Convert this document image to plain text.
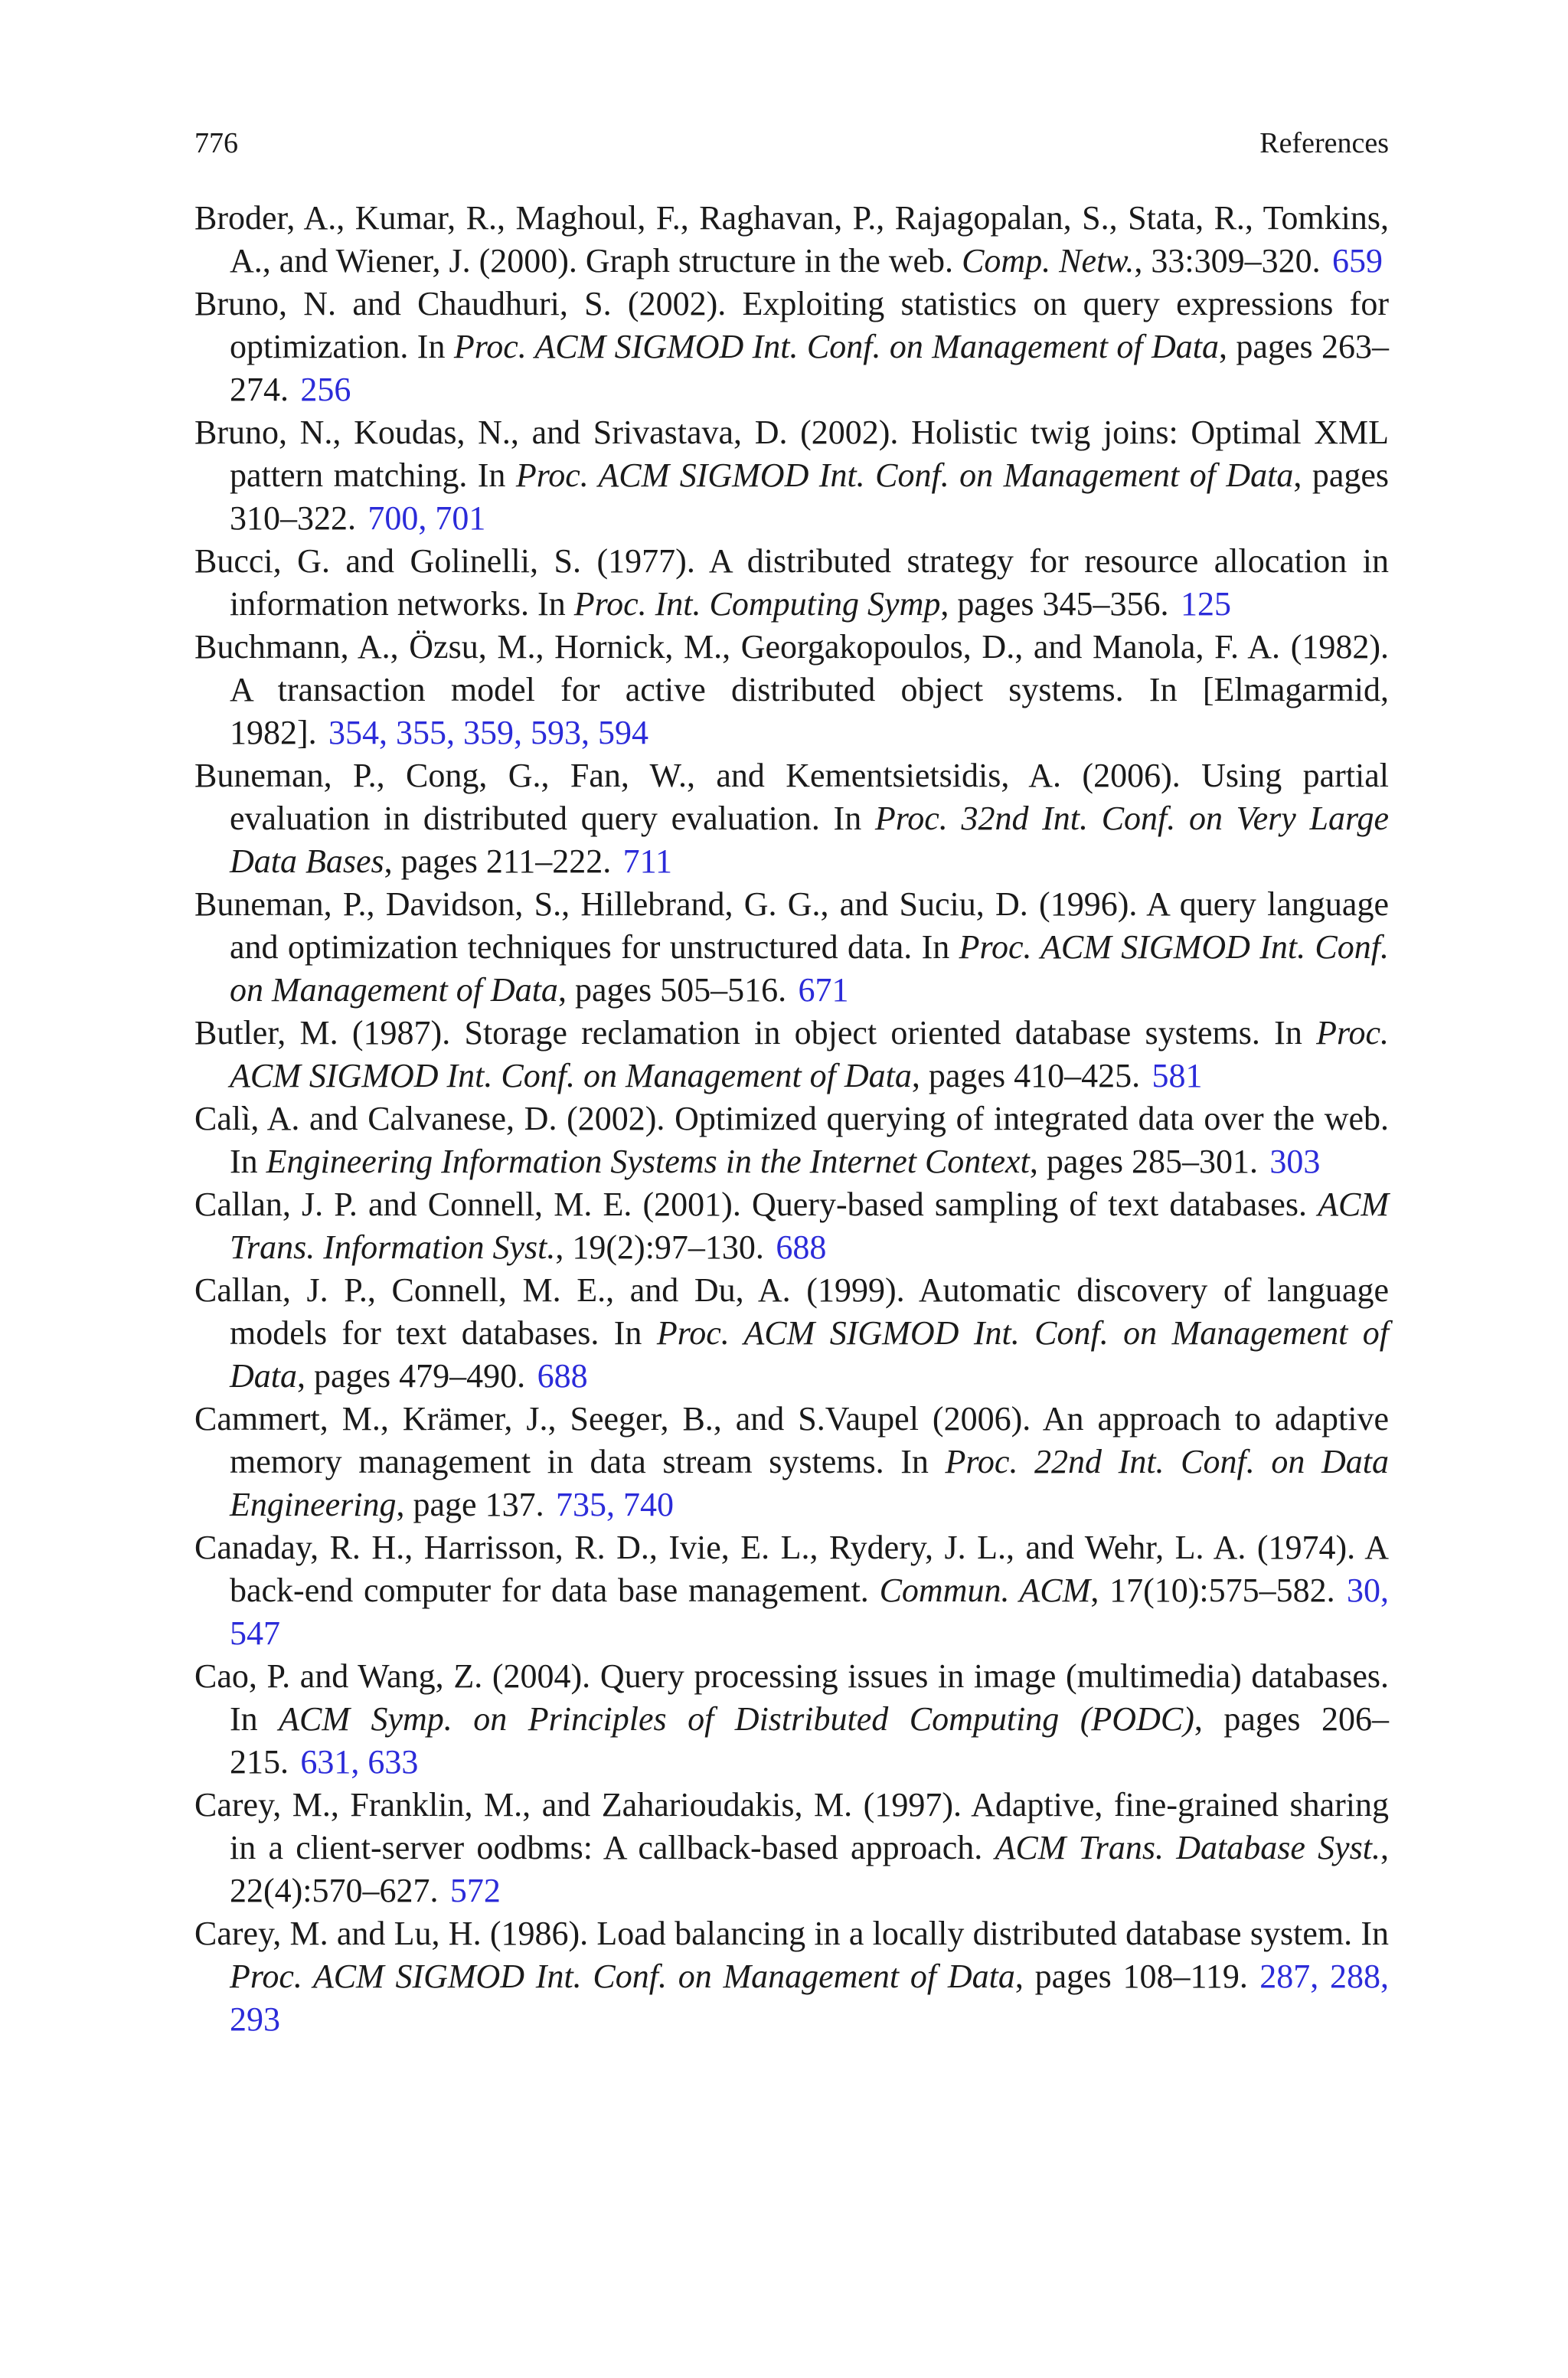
776	References

Broder, A., Kumar, R., Maghoul, F., Raghavan, P., Rajagopalan, S., Stata, R., Tomkins, A., and Wiener, J. (2000). Graph structure in the web. Comp. Netw., 33:309–320. 659

Bruno, N. and Chaudhuri, S. (2002). Exploiting statistics on query expressions for optimization. In Proc. ACM SIGMOD Int. Conf. on Management of Data, pages 263–274. 256

Bruno, N., Koudas, N., and Srivastava, D. (2002). Holistic twig joins: Optimal XML pattern matching. In Proc. ACM SIGMOD Int. Conf. on Management of Data, pages 310–322. 700, 701

Bucci, G. and Golinelli, S. (1977). A distributed strategy for resource allocation in information networks. In Proc. Int. Computing Symp, pages 345–356. 125

Buchmann, A., Özsu, M., Hornick, M., Georgakopoulos, D., and Manola, F. A. (1982). A transaction model for active distributed object systems. In [Elmagarmid, 1982]. 354, 355, 359, 593, 594

Buneman, P., Cong, G., Fan, W., and Kementsietsidis, A. (2006). Using partial evaluation in distributed query evaluation. In Proc. 32nd Int. Conf. on Very Large Data Bases, pages 211–222. 711

Buneman, P., Davidson, S., Hillebrand, G. G., and Suciu, D. (1996). A query language and optimization techniques for unstructured data. In Proc. ACM SIGMOD Int. Conf. on Management of Data, pages 505–516. 671

Butler, M. (1987). Storage reclamation in object oriented database systems. In Proc. ACM SIGMOD Int. Conf. on Management of Data, pages 410–425. 581

Calì, A. and Calvanese, D. (2002). Optimized querying of integrated data over the web. In Engineering Information Systems in the Internet Context, pages 285–301. 303

Callan, J. P. and Connell, M. E. (2001). Query-based sampling of text databases. ACM Trans. Information Syst., 19(2):97–130. 688

Callan, J. P., Connell, M. E., and Du, A. (1999). Automatic discovery of language models for text databases. In Proc. ACM SIGMOD Int. Conf. on Management of Data, pages 479–490. 688

Cammert, M., Krämer, J., Seeger, B., and S.Vaupel (2006). An approach to adaptive memory management in data stream systems. In Proc. 22nd Int. Conf. on Data Engineering, page 137. 735, 740

Canaday, R. H., Harrisson, R. D., Ivie, E. L., Rydery, J. L., and Wehr, L. A. (1974). A back-end computer for data base management. Commun. ACM, 17(10):575–582. 30, 547

Cao, P. and Wang, Z. (2004). Query processing issues in image (multimedia) databases. In ACM Symp. on Principles of Distributed Computing (PODC), pages 206–215. 631, 633

Carey, M., Franklin, M., and Zaharioudakis, M. (1997). Adaptive, fine-grained sharing in a client-server oodbms: A callback-based approach. ACM Trans. Database Syst., 22(4):570–627. 572

Carey, M. and Lu, H. (1986). Load balancing in a locally distributed database system. In Proc. ACM SIGMOD Int. Conf. on Management of Data, pages 108–119. 287, 288, 293
